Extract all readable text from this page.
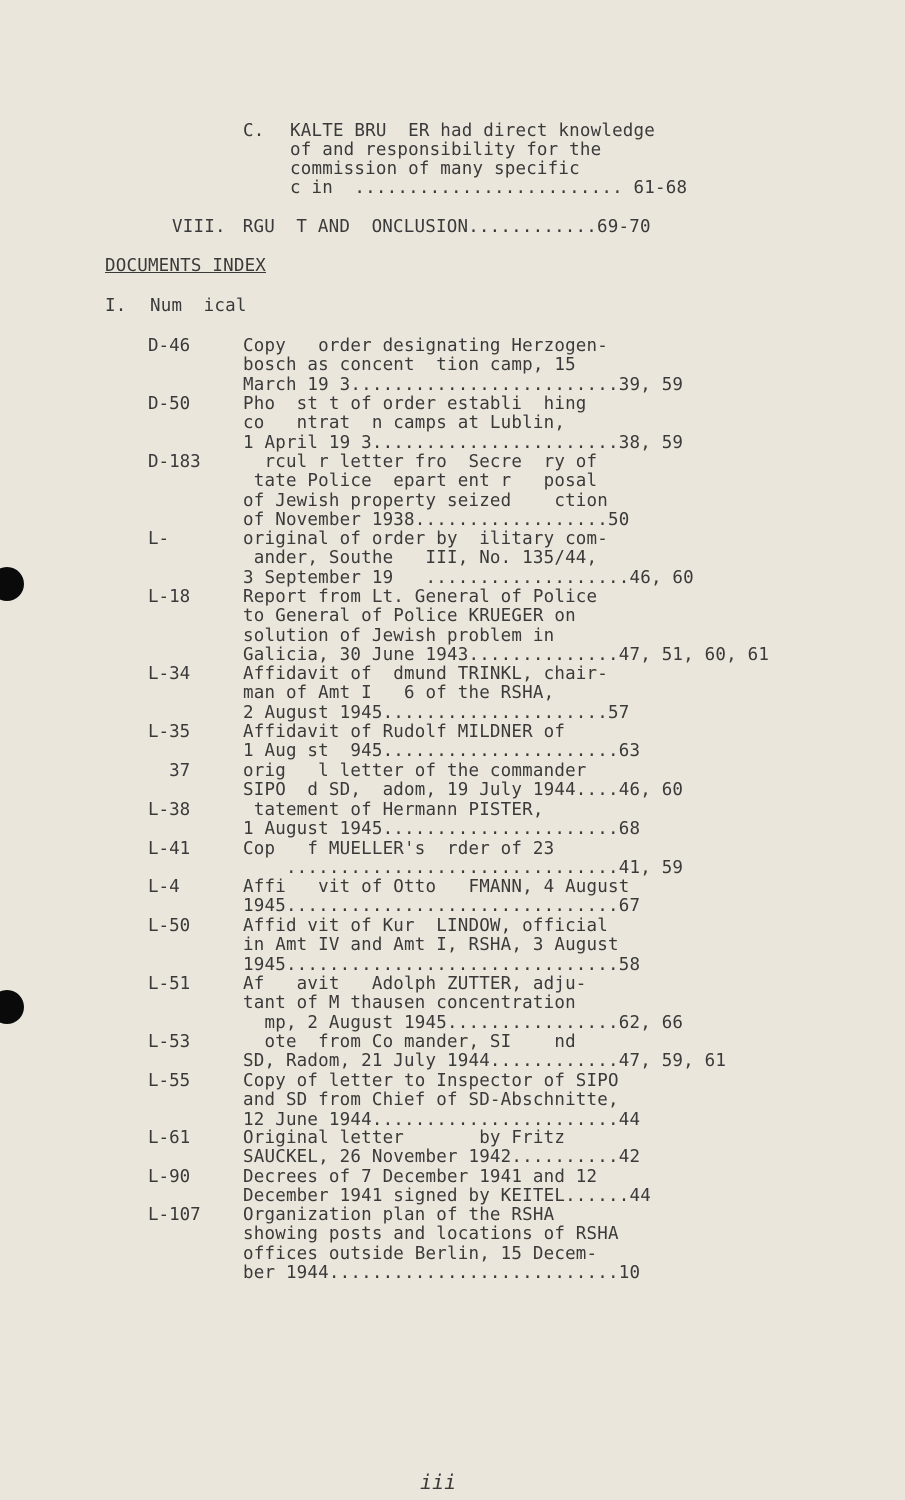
C. KALTE BRU  ER had direct knowledge
of and responsibility for the
commission of many specific
c in  ......................... 61-68
VIII. RGU  T AND  ONCLUSION............69-70
DOCUMENTS INDEX
I. Num  ical
D-46	Copy   order designating Herzogen-
bosch as concent  tion camp, 15
March 19 3.........................39, 59
D-50	Pho  st t of order establi  hing
co   ntrat  n camps at Lublin,
1 April 19 3.......................38, 59
D-183 rcul r letter fro  Secre  ry of
tate Police  epart ent r   posal
of Jewish property seized    ction
of November 1938..................50
L-	original of order by  ilitary com-
ander, Southe   III, No. 135/44,
3 September 19   ...................46, 60
L-18	Report from Lt. General of Police
to General of Police KRUEGER on
solution of Jewish problem in
Galicia, 30 June 1943..............47, 51, 60, 61
L-34	Affidavit of  dmund TRINKL, chair-
man of Amt I   6 of the RSHA,
2 August 1945.....................57
L-35	Affidavit of Rudolf MILDNER of
1 Aug st  945......................63
37	orig   l letter of the commander
SIPO  d SD,  adom, 19 July 1944....46, 60
L-38	tatement of Hermann PISTER,
1 August 1945......................68
L-41	Cop   f MUELLER's  rder of 23
...............................41, 59
L-4	Affi   vit of Otto   FMANN, 4 August
1945...............................67
L-50	Affid vit of Kur  LINDOW, official
in Amt IV and Amt I, RSHA, 3 August
1945...............................58
L-51	Af   avit   Adolph ZUTTER, adju-
tant of M thausen concentration
mp, 2 August 1945................62, 66
L-53	ote  from Co mander, SI    nd
SD, Radom, 21 July 1944............47, 59, 61
L-55	Copy of letter to Inspector of SIPO
and SD from Chief of SD-Abschnitte,
12 June 1944.......................44
L-61	Original letter       by Fritz
SAUCKEL, 26 November 1942..........42
L-90	Decrees of 7 December 1941 and 12
December 1941 signed by KEITEL......44
L-107 Organization plan of the RSHA
showing posts and locations of RSHA
offices outside Berlin, 15 Decem-
ber 1944...........................10
iii
